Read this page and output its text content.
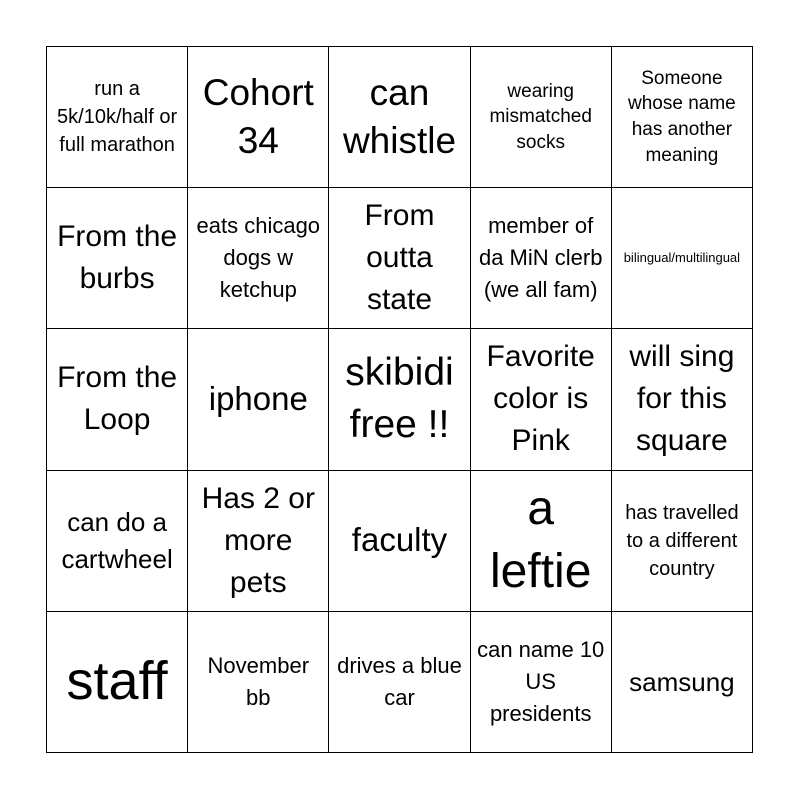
run a 5k/10k/half or full marathon
Cohort 34
can whistle
wearing mismatched socks
Someone whose name has another meaning
From the burbs
eats chicago dogs w ketchup
From outta state
member of da MiN clerb (we all fam)
bilingual/multilingual
From the Loop
iphone
skibidi free !!
Favorite color is Pink
will sing for this square
can do a cartwheel
Has 2 or more pets
faculty
a leftie
has travelled to a different country
staff	November bb
drives a blue car
can name 10 US presidents
samsung
